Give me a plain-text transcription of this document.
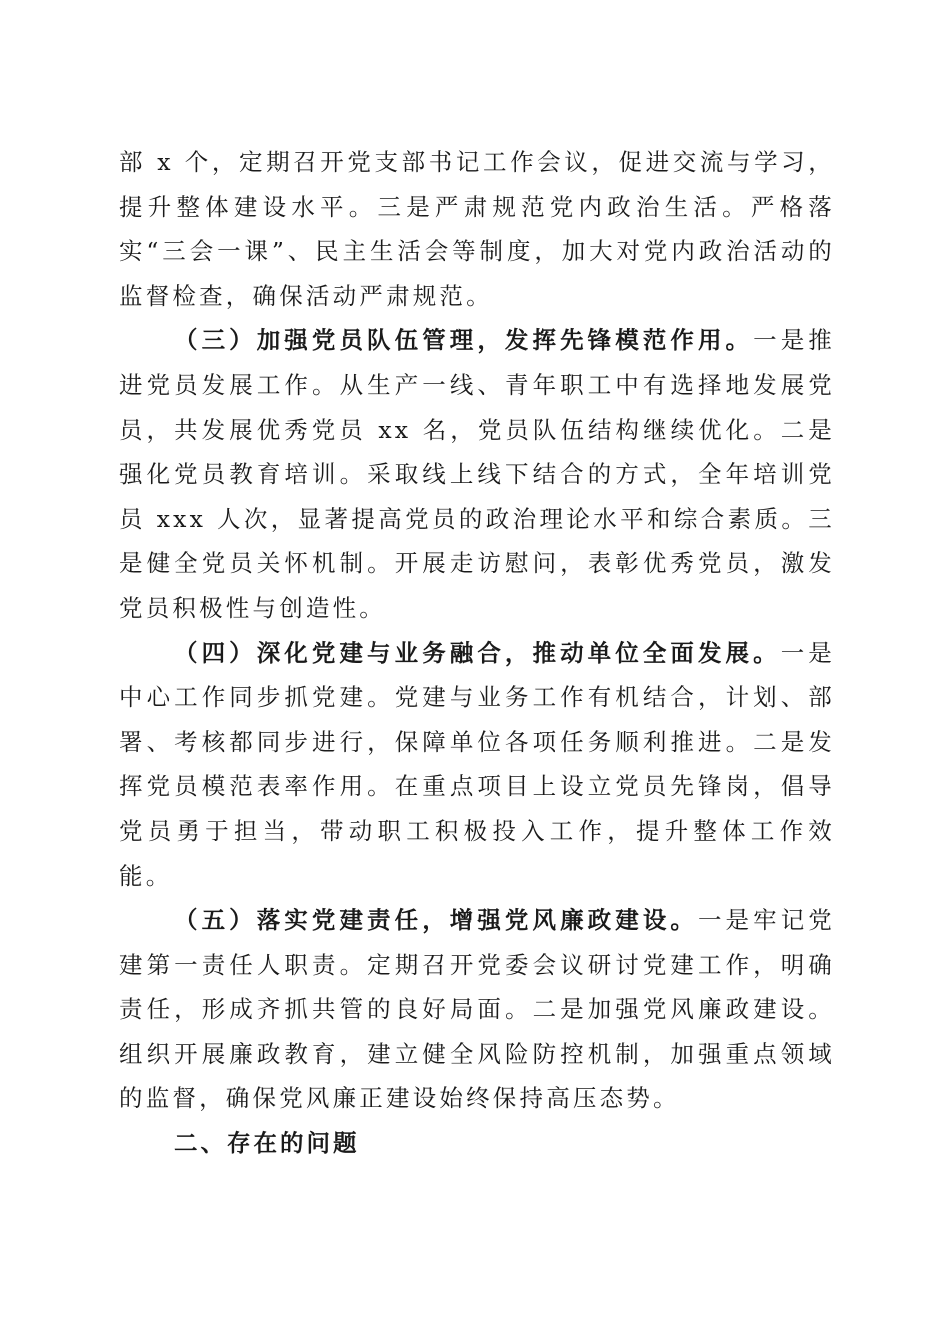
部 x 个，定期召开党支部书记工作会议，促进交流与学习，提升整体建设水平。三是严肃规范党内政治生活。严格落实“三会一课”、民主生活会等制度，加大对党内政治活动的监督检查，确保活动严肃规范。

（三）加强党员队伍管理，发挥先锋模范作用。一是推进党员发展工作。从生产一线、青年职工中有选择地发展党员，共发展优秀党员 xx 名，党员队伍结构继续优化。二是强化党员教育培训。采取线上线下结合的方式，全年培训党员 xxx 人次，显著提高党员的政治理论水平和综合素质。三是健全党员关怀机制。开展走访慰问，表彰优秀党员，激发党员积极性与创造性。

（四）深化党建与业务融合，推动单位全面发展。一是中心工作同步抓党建。党建与业务工作有机结合，计划、部署、考核都同步进行，保障单位各项任务顺利推进。二是发挥党员模范表率作用。在重点项目上设立党员先锋岗，倡导党员勇于担当，带动职工积极投入工作，提升整体工作效能。

（五）落实党建责任，增强党风廉政建设。一是牢记党建第一责任人职责。定期召开党委会议研讨党建工作，明确责任，形成齐抓共管的良好局面。二是加强党风廉政建设。组织开展廉政教育，建立健全风险防控机制，加强重点领域的监督，确保党风廉正建设始终保持高压态势。

二、存在的问题
